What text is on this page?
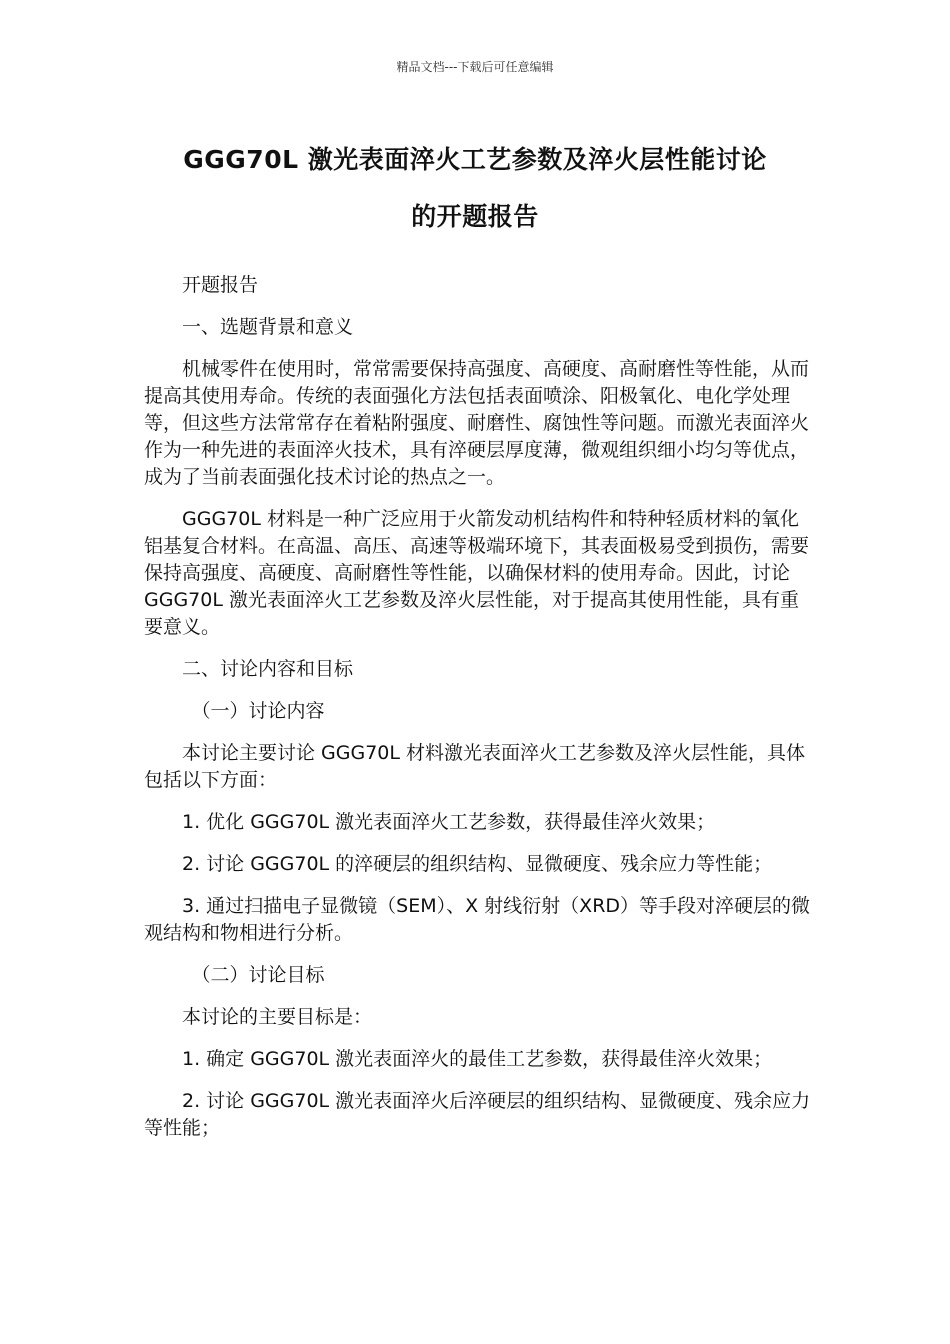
精品文档---下载后可任意编辑
GGG70L 激光表面淬火工艺参数及淬火层性能讨论
的开题报告

开题报告

一、选题背景和意义

机械零件在使用时，常常需要保持高强度、高硬度、高耐磨性等性能，从而提高其使用寿命。传统的表面强化方法包括表面喷涂、阳极氧化、电化学处理等，但这些方法常常存在着粘附强度、耐磨性、腐蚀性等问题。而激光表面淬火作为一种先进的表面淬火技术，具有淬硬层厚度薄，微观组织细小均匀等优点，成为了当前表面强化技术讨论的热点之一。

GGG70L 材料是一种广泛应用于火箭发动机结构件和特种轻质材料的氧化铝基复合材料。在高温、高压、高速等极端环境下，其表面极易受到损伤，需要保持高强度、高硬度、高耐磨性等性能，以确保材料的使用寿命。因此，讨论 GGG70L 激光表面淬火工艺参数及淬火层性能，对于提高其使用性能，具有重要意义。

二、讨论内容和目标

（一）讨论内容

本讨论主要讨论 GGG70L 材料激光表面淬火工艺参数及淬火层性能，具体包括以下方面：

1. 优化 GGG70L 激光表面淬火工艺参数，获得最佳淬火效果；

2. 讨论 GGG70L 的淬硬层的组织结构、显微硬度、残余应力等性能；

3. 通过扫描电子显微镜（SEM）、X 射线衍射（XRD）等手段对淬硬层的微观结构和物相进行分析。

（二）讨论目标

本讨论的主要目标是：

1. 确定 GGG70L 激光表面淬火的最佳工艺参数，获得最佳淬火效果；

2. 讨论 GGG70L 激光表面淬火后淬硬层的组织结构、显微硬度、残余应力等性能；
